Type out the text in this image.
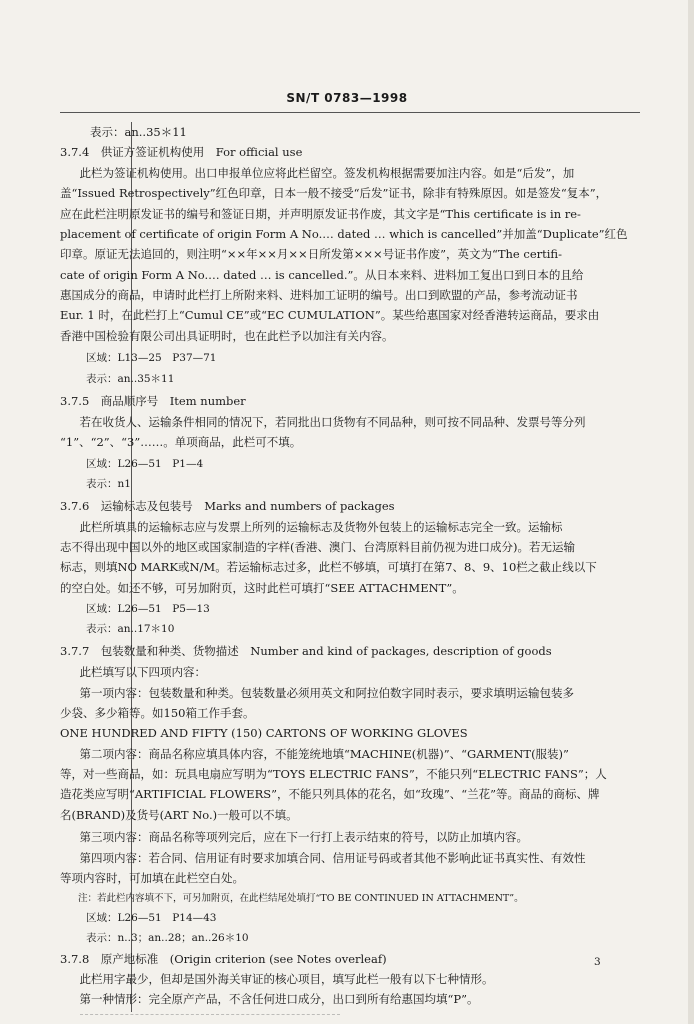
SN/T 0783—1998
表示：an..35＊11
3.7.4　供证方签证机构使用　For official use
　此栏为签证机构使用。出口申报单位应将此栏留空。签发机构根据需要加注内容。如是“后发”，加
盖“Issued Retrospectively”红色印章，日本一般不接受“后发”证书，除非有特殊原因。如是签发“复本”，
应在此栏注明原发证书的编号和签证日期，并声明原发证书作废，其文字是“This certificate is in re-
placement of certificate of origin Form A No.… dated … which is cancelled”并加盖“Duplicate”红色
印章。原证无法追回的，则注明“××年××月××日所发第×××号证书作废”，英文为“The certifi-
cate of origin Form A No.… dated … is cancelled.”。从日本来料、进料加工复出口到日本的且给
惠国成分的商品，申请时此栏打上所附来料、进料加工证明的编号。出口到欧盟的产品，参考流动证书
Eur. 1 时，在此栏打上“Cumul CE”或“EC CUMULATION”。某些给惠国家对经香港转运商品，要求由
香港中国检验有限公司出具证明时，也在此栏予以加注有关内容。
区域：L13—25　P37—71
表示：an..35＊11
3.7.5　商品顺序号　Item number
　若在收货人、运输条件相同的情况下，若同批出口货物有不同品种，则可按不同品种、发票号等分列
“1”、“2”、“3”……。单项商品，此栏可不填。
区域：L26—51　P1—4
表示：n1
3.7.6　运输标志及包装号　Marks and numbers of packages
　此栏所填具的运输标志应与发票上所列的运输标志及货物外包装上的运输标志完全一致。运输标
志不得出现中国以外的地区或国家制造的字样(香港、澳门、台湾原料目前仍视为进口成分)。若无运输
标志，则填NO MARK或N/M。若运输标志过多，此栏不够填，可填打在第7、8、9、10栏之截止线以下
的空白处。如还不够，可另加附页，这时此栏可填打“SEE ATTACHMENT”。
区域：L26—51　P5—13
表示：an..17＊10
3.7.7　包装数量和种类、货物描述　Number and kind of packages, description of goods
　此栏填写以下四项内容：
　第一项内容：包装数量和种类。包装数量必须用英文和阿拉伯数字同时表示，要求填明运输包装多
少袋、多少箱等。如150箱工作手套。
ONE HUNDRED AND FIFTY (150) CARTONS OF WORKING GLOVES
　第二项内容：商品名称应填具体内容，不能笼统地填“MACHINE(机器)”、“GARMENT(服装)”
等，对一些商品，如：玩具电扇应写明为“TOYS ELECTRIC FANS”，不能只列“ELECTRIC FANS”；人
造花类应写明“ARTIFICIAL FLOWERS”，不能只列具体的花名，如“玫瑰”、“兰花”等。商品的商标、牌
名(BRAND)及货号(ART No.)一般可以不填。
　第三项内容：商品名称等项列完后，应在下一行打上表示结束的符号，以防止加填内容。
　第四项内容：若合同、信用证有时要求加填合同、信用证号码或者其他不影响此证书真实性、有效性
等项内容时，可加填在此栏空白处。
注：若此栏内容填不下，可另加附页，在此栏结尾处填打“TO BE CONTINUED IN ATTACHMENT”。
区域：L26—51　P14—43
表示：n..3；an..28；an..26＊10
3.7.8　原产地标准　(Origin criterion (see Notes overleaf)
　此栏用字最少，但却是国外海关审证的核心项目，填写此栏一般有以下七种情形。
　第一种情形：完全原产产品，不含任何进口成分，出口到所有给惠国均填“P”。
3
